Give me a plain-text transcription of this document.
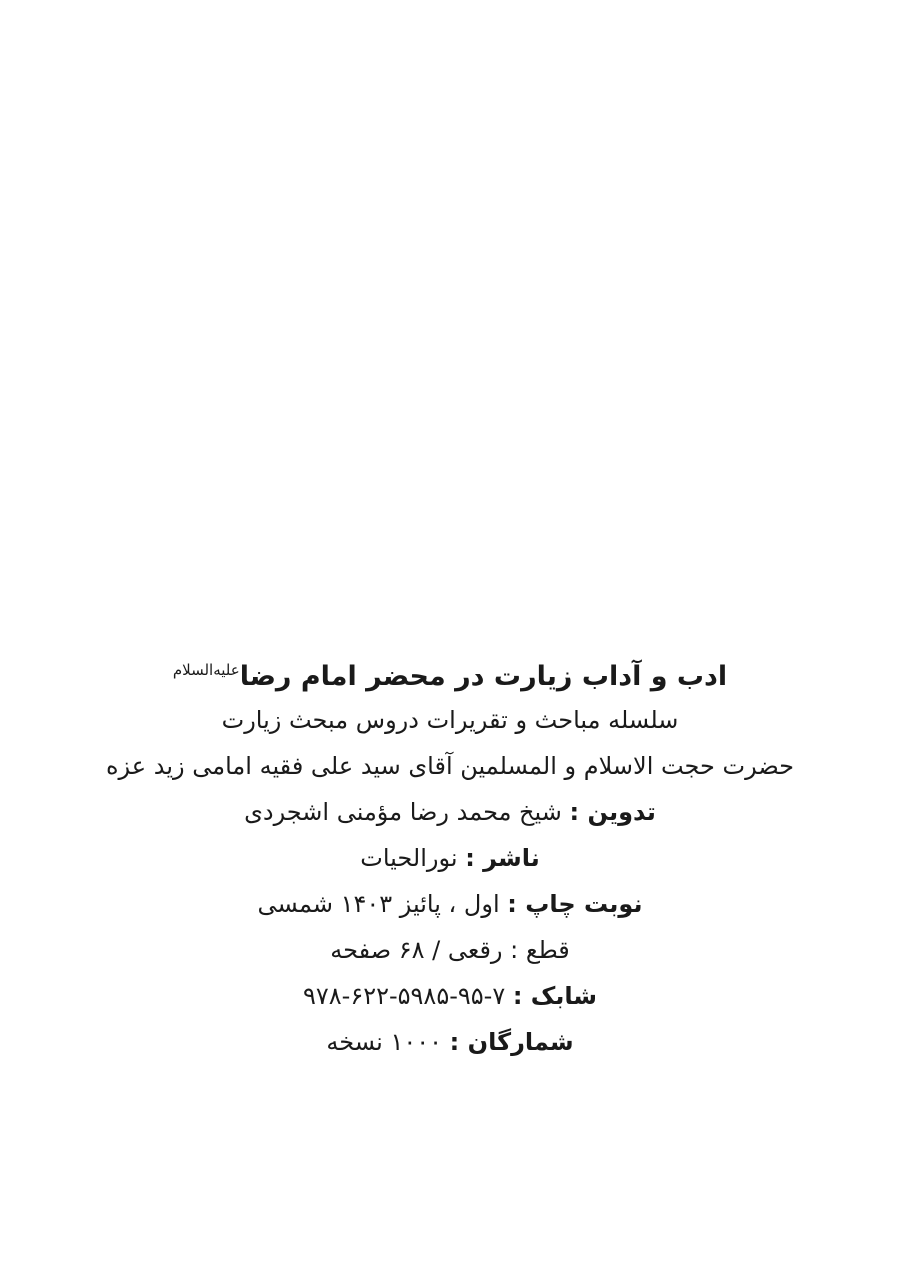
ادب و آداب زیارت در محضر امام رضا$^{علیه‌السلام}$
سلسله مباحث و تقریرات دروس مبحث زیارت
حضرت حجت الاسلام و المسلمین آقای سید علی فقیه امامی زید عزه
تدوین : شیخ محمد رضا مؤمنی اشجردی
ناشر : نورالحیات
نوبت چاپ : اول ، پائیز ۱۴۰۳ شمسی
قطع : رقعی / ۶۸ صفحه
شابک : ۹۷۸-۶۲۲-۵۹۸۵-۹۵-۷
شمارگان : ۱۰۰۰ نسخه
